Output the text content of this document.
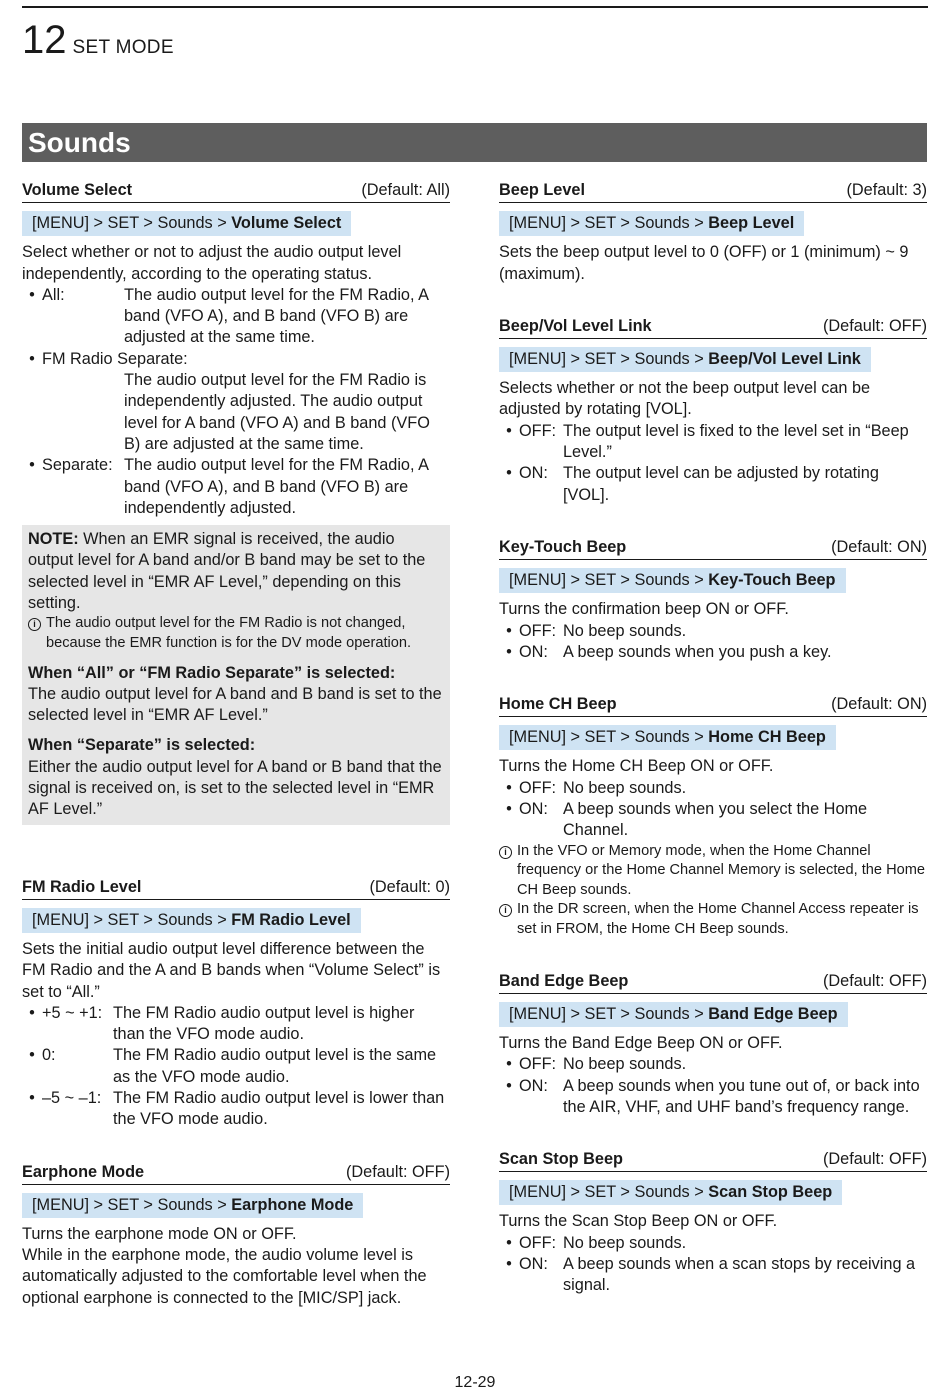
12 SET MODE
Sounds
Volume Select	(Default: All)
[MENU] > SET > Sounds > Volume Select

Select whether or not to adjust the audio output level independently, according to the operating status.

• All:	The audio output level for the FM Radio, A band (VFO A), and B band (VFO B) are adjusted at the same time.
• FM Radio Separate:
The audio output level for the FM Radio is independently adjusted. The audio output level for A band (VFO A) and B band (VFO B) are adjusted at the same time.
• Separate: The audio output level for the FM Radio, A band (VFO A), and B band (VFO B) are independently adjusted.

NOTE: When an EMR signal is received, the audio output level for A band and/or B band may be set to the selected level in “EMR AF Level,” depending on this setting.

i The audio output level for the FM Radio is not changed, because the EMR function is for the DV mode operation.

When “All” or “FM Radio Separate” is selected:

The audio output level for A band and B band is set to the selected level in “EMR AF Level.”

When “Separate” is selected:

Either the audio output level for A band or B band that the signal is received on, is set to the selected level in “EMR AF Level.”

FM Radio Level	(Default: 0)
[MENU] > SET > Sounds > FM Radio Level

Sets the initial audio output level difference between the FM Radio and the A and B bands when “Volume Select” is set to “All.”

• +5 ~ +1: The FM Radio audio output level is higher than the VFO mode audio.
• 0:	The FM Radio audio output level is the same as the VFO mode audio.
• –5 ~ –1: The FM Radio audio output level is lower than the VFO mode audio.
Earphone Mode	(Default: OFF)
[MENU] > SET > Sounds > Earphone Mode

Turns the earphone mode ON or OFF.

While in the earphone mode, the audio volume level is automatically adjusted to the comfortable level when the optional earphone is connected to the [MIC/SP] jack.

Beep Level	(Default: 3)
[MENU] > SET > Sounds > Beep Level

Sets the beep output level to 0 (OFF) or 1 (minimum) ~ 9 (maximum).

Beep/Vol Level Link	(Default: OFF)
[MENU] > SET > Sounds > Beep/Vol Level Link

Selects whether or not the beep output level can be adjusted by rotating [VOL].

• OFF: The output level is fixed to the level set in “Beep Level.”
• ON: The output level can be adjusted by rotating [VOL].
Key-Touch Beep	(Default: ON)
[MENU] > SET > Sounds > Key-Touch Beep

Turns the confirmation beep ON or OFF.

• OFF: No beep sounds.
• ON: A beep sounds when you push a key.
Home CH Beep	(Default: ON)
[MENU] > SET > Sounds > Home CH Beep

Turns the Home CH Beep ON or OFF.

• OFF: No beep sounds.
• ON: A beep sounds when you select the Home Channel.
i In the VFO or Memory mode, when the Home Channel frequency or the Home Channel Memory is selected, the Home CH Beep sounds.
i In the DR screen, when the Home Channel Access repeater is set in FROM, the Home CH Beep sounds.
Band Edge Beep	(Default: OFF)
[MENU] > SET > Sounds > Band Edge Beep

Turns the Band Edge Beep ON or OFF.

• OFF: No beep sounds.
• ON: A beep sounds when you tune out of, or back into the AIR, VHF, and UHF band’s frequency range.
Scan Stop Beep	(Default: OFF)
[MENU] > SET > Sounds > Scan Stop Beep

Turns the Scan Stop Beep ON or OFF.

• OFF: No beep sounds.
• ON: A beep sounds when a scan stops by receiving a signal.
12-29
